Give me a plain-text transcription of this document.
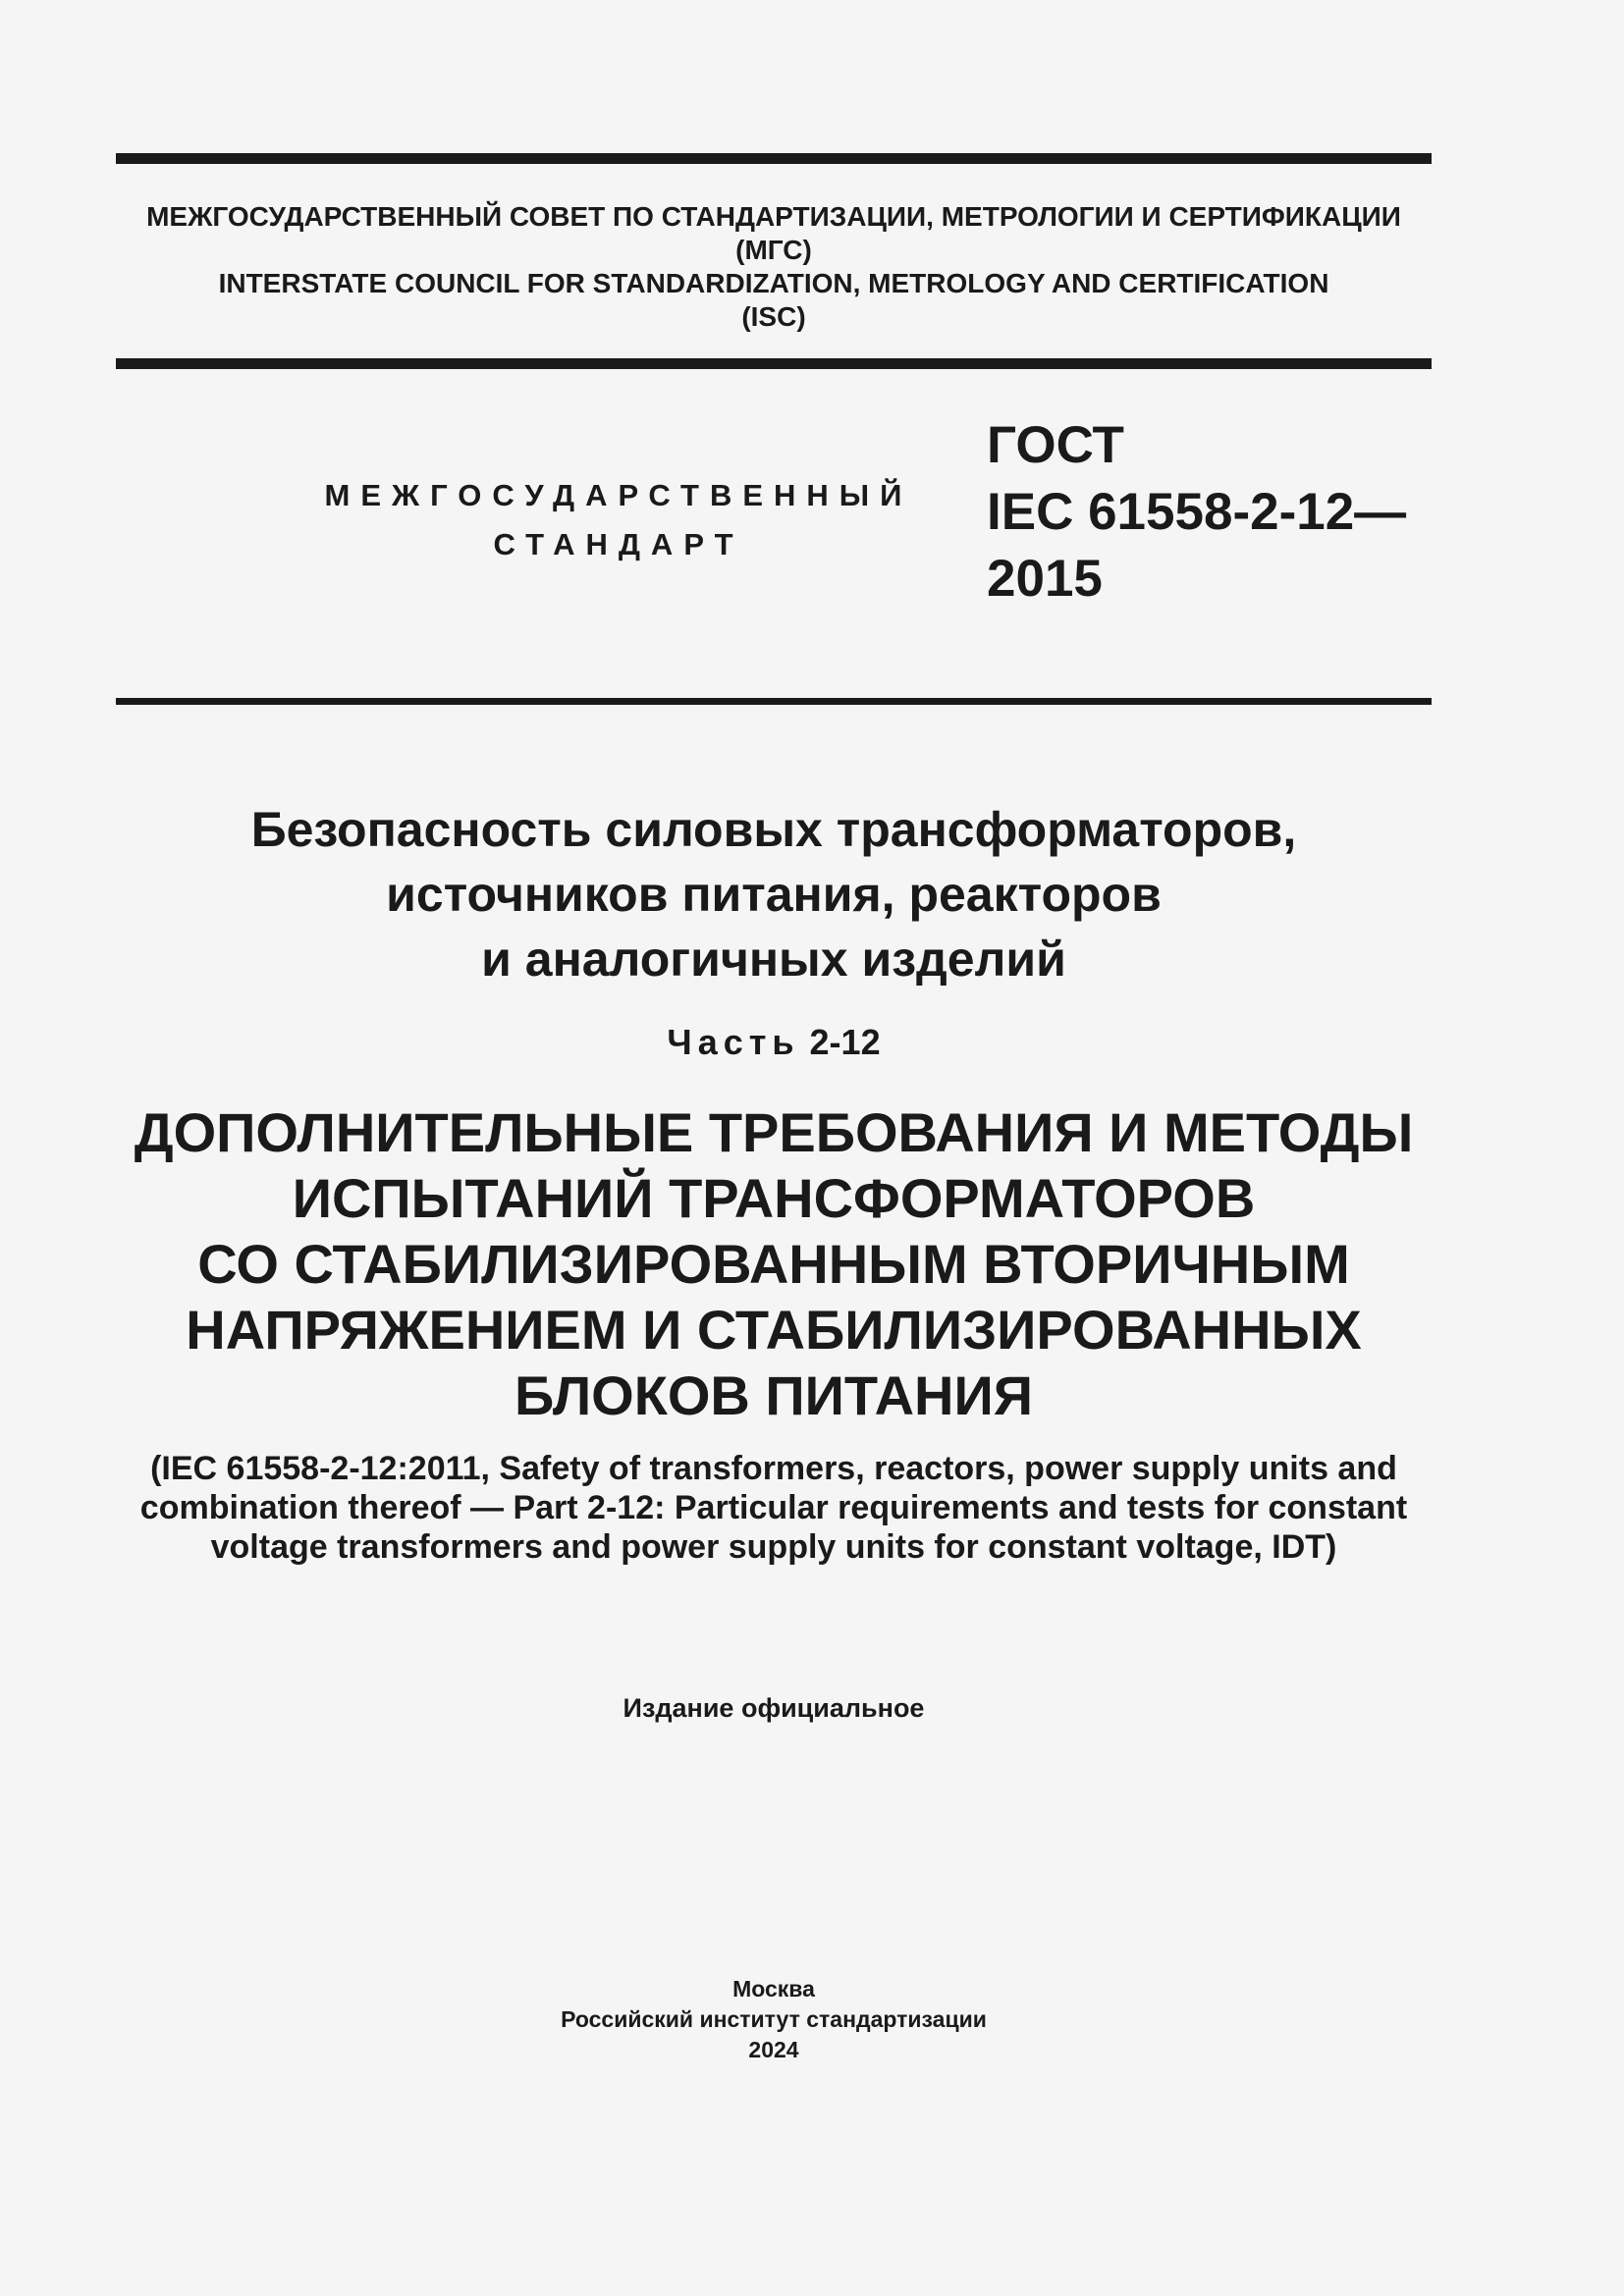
МЕЖГОСУДАРСТВЕННЫЙ СОВЕТ ПО СТАНДАРТИЗАЦИИ, МЕТРОЛОГИИ И СЕРТИФИКАЦИИ
(МГС)
INTERSTATE COUNCIL FOR STANDARDIZATION, METROLOGY AND CERTIFICATION
(ISC)
МЕЖГОСУДАРСТВЕННЫЙ
СТАНДАРТ
ГОСТ
IEC 61558-2-12—
2015
Безопасность силовых трансформаторов,
источников питания, реакторов
и аналогичных изделий
Часть 2-12
ДОПОЛНИТЕЛЬНЫЕ ТРЕБОВАНИЯ И МЕТОДЫ
ИСПЫТАНИЙ ТРАНСФОРМАТОРОВ
СО СТАБИЛИЗИРОВАННЫМ ВТОРИЧНЫМ
НАПРЯЖЕНИЕМ И СТАБИЛИЗИРОВАННЫХ
БЛОКОВ ПИТАНИЯ
(IEC 61558-2-12:2011, Safety of transformers, reactors, power supply units and
combination thereof — Part 2-12: Particular requirements and tests for constant
voltage transformers and power supply units for constant voltage, IDT)
Издание официальное
Москва
Российский институт стандартизации
2024
